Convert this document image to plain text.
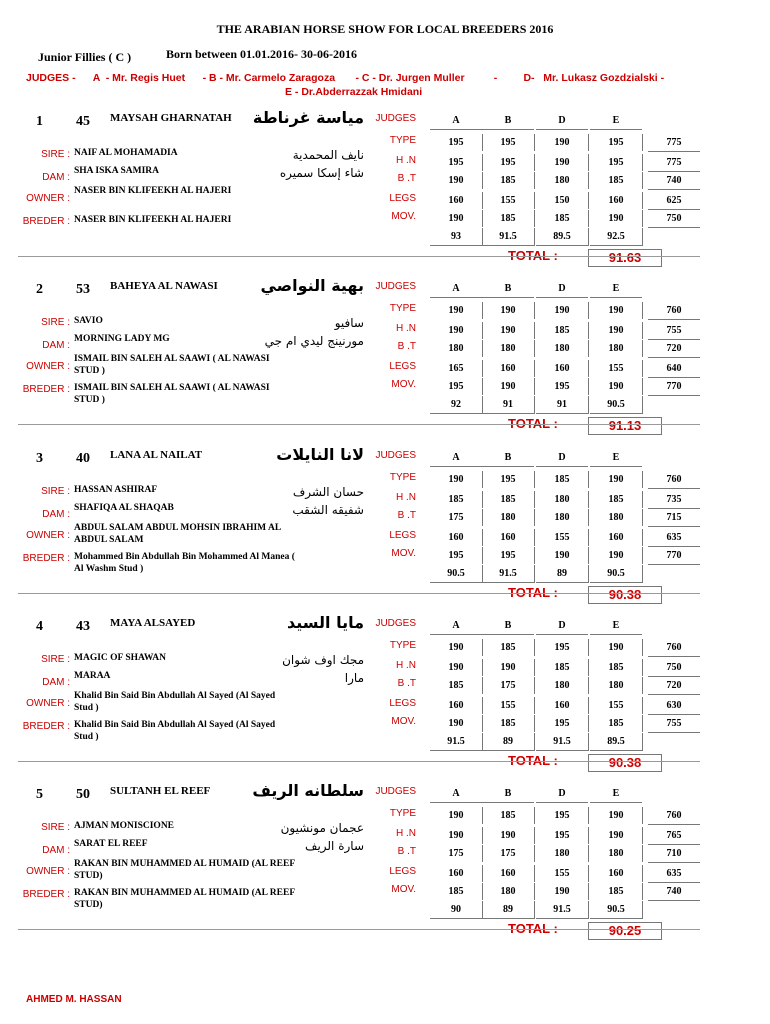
THE ARABIAN HORSE SHOW FOR LOCAL BREEDERS 2016
Junior Fillies ( C )	Born between 01.01.2016- 30-06-2016
JUDGES -      A  - Mr. Regis Huet      - B - Mr. Carmelo Zaragoza       - C - Dr. Jurgen Muller          -         D-   Mr. Lukasz Gozdzialski -
E - Dr.Abderrazzak Hmidani
1 45 MAYSAH GHARNATAH	مياسة غرناطة
SIRE : NAIF AL MOHAMADIA	نايف المحمدية
DAM :
SHA ISKA SAMIRA	شاء إسكا سميره
OWNER :
NASER BIN KLIFEEKH AL HAJERI
BREDER : NASER BIN KLIFEEKH AL HAJERI
JUDGES	A	B	D	E
TYPE	195	195	190	195	775
H .N	195	195	190	195	775
B .T	190	185	180	185	740
LEGS	160	155	150	160	625
MOV.	190	185	185	190	750
93	91.5	89.5	92.5
TOTAL :	91.63
2 53 BAHEYA AL NAWASI	بهية النواصي
SIRE : SAVIO	سافيو
DAM :
MORNING LADY MG	مورنينج ليدي ام جي
OWNER :
ISMAIL BIN SALEH AL SAAWI ( AL NAWASI STUD )
BREDER : ISMAIL BIN SALEH AL SAAWI ( AL NAWASI STUD )
JUDGES	A	B	D	E
TYPE	190	190	190	190	760
H .N	190	190	185	190	755
B .T	180	180	180	180	720
LEGS	165	160	160	155	640
MOV.	195	190	195	190	770
92	91	91	90.5
TOTAL :	91.13
3 40 LANA AL NAILAT	لانا النايلات
SIRE : HASSAN ASHIRAF	حسان الشرف
DAM :
SHAFIQA AL SHAQAB	شفيقه الشقب
OWNER :
ABDUL SALAM ABDUL MOHSIN IBRAHIM AL ABDUL SALAM
BREDER : Mohammed Bin Abdullah Bin Mohammed Al Manea ( Al Washm Stud )
JUDGES	A	B	D	E
TYPE	190	195	185	190	760
H .N	185	185	180	185	735
B .T	175	180	180	180	715
LEGS	160	160	155	160	635
MOV.	195	195	190	190	770
90.5	91.5	89	90.5
TOTAL :	90.38
4 43 MAYA ALSAYED	مايا السيد
SIRE : MAGIC OF SHAWAN	مجك اوف شوان
DAM :
MARAA	مارا
OWNER :
Khalid Bin Said Bin Abdullah Al Sayed (Al Sayed Stud )
BREDER : Khalid Bin Said Bin Abdullah Al Sayed (Al Sayed Stud )
JUDGES	A	B	D	E
TYPE	190	185	195	190	760
H .N	190	190	185	185	750
B .T	185	175	180	180	720
LEGS	160	155	160	155	630
MOV.	190	185	195	185	755
91.5	89	91.5	89.5
TOTAL :	90.38
5 50 SULTANH EL REEF	سلطانه الريف
SIRE : AJMAN MONISCIONE	عجمان مونشيون
DAM :
SARAT EL REEF	سارة الريف
OWNER :
RAKAN BIN MUHAMMED AL HUMAID (AL REEF STUD)
BREDER : RAKAN BIN MUHAMMED AL HUMAID (AL REEF STUD)
JUDGES	A	B	D	E
TYPE	190	185	195	190	760
H .N	190	190	195	190	765
B .T	175	175	180	180	710
LEGS	160	160	155	160	635
MOV.	185	180	190	185	740
90	89	91.5	90.5
TOTAL :	90.25
AHMED M. HASSAN
